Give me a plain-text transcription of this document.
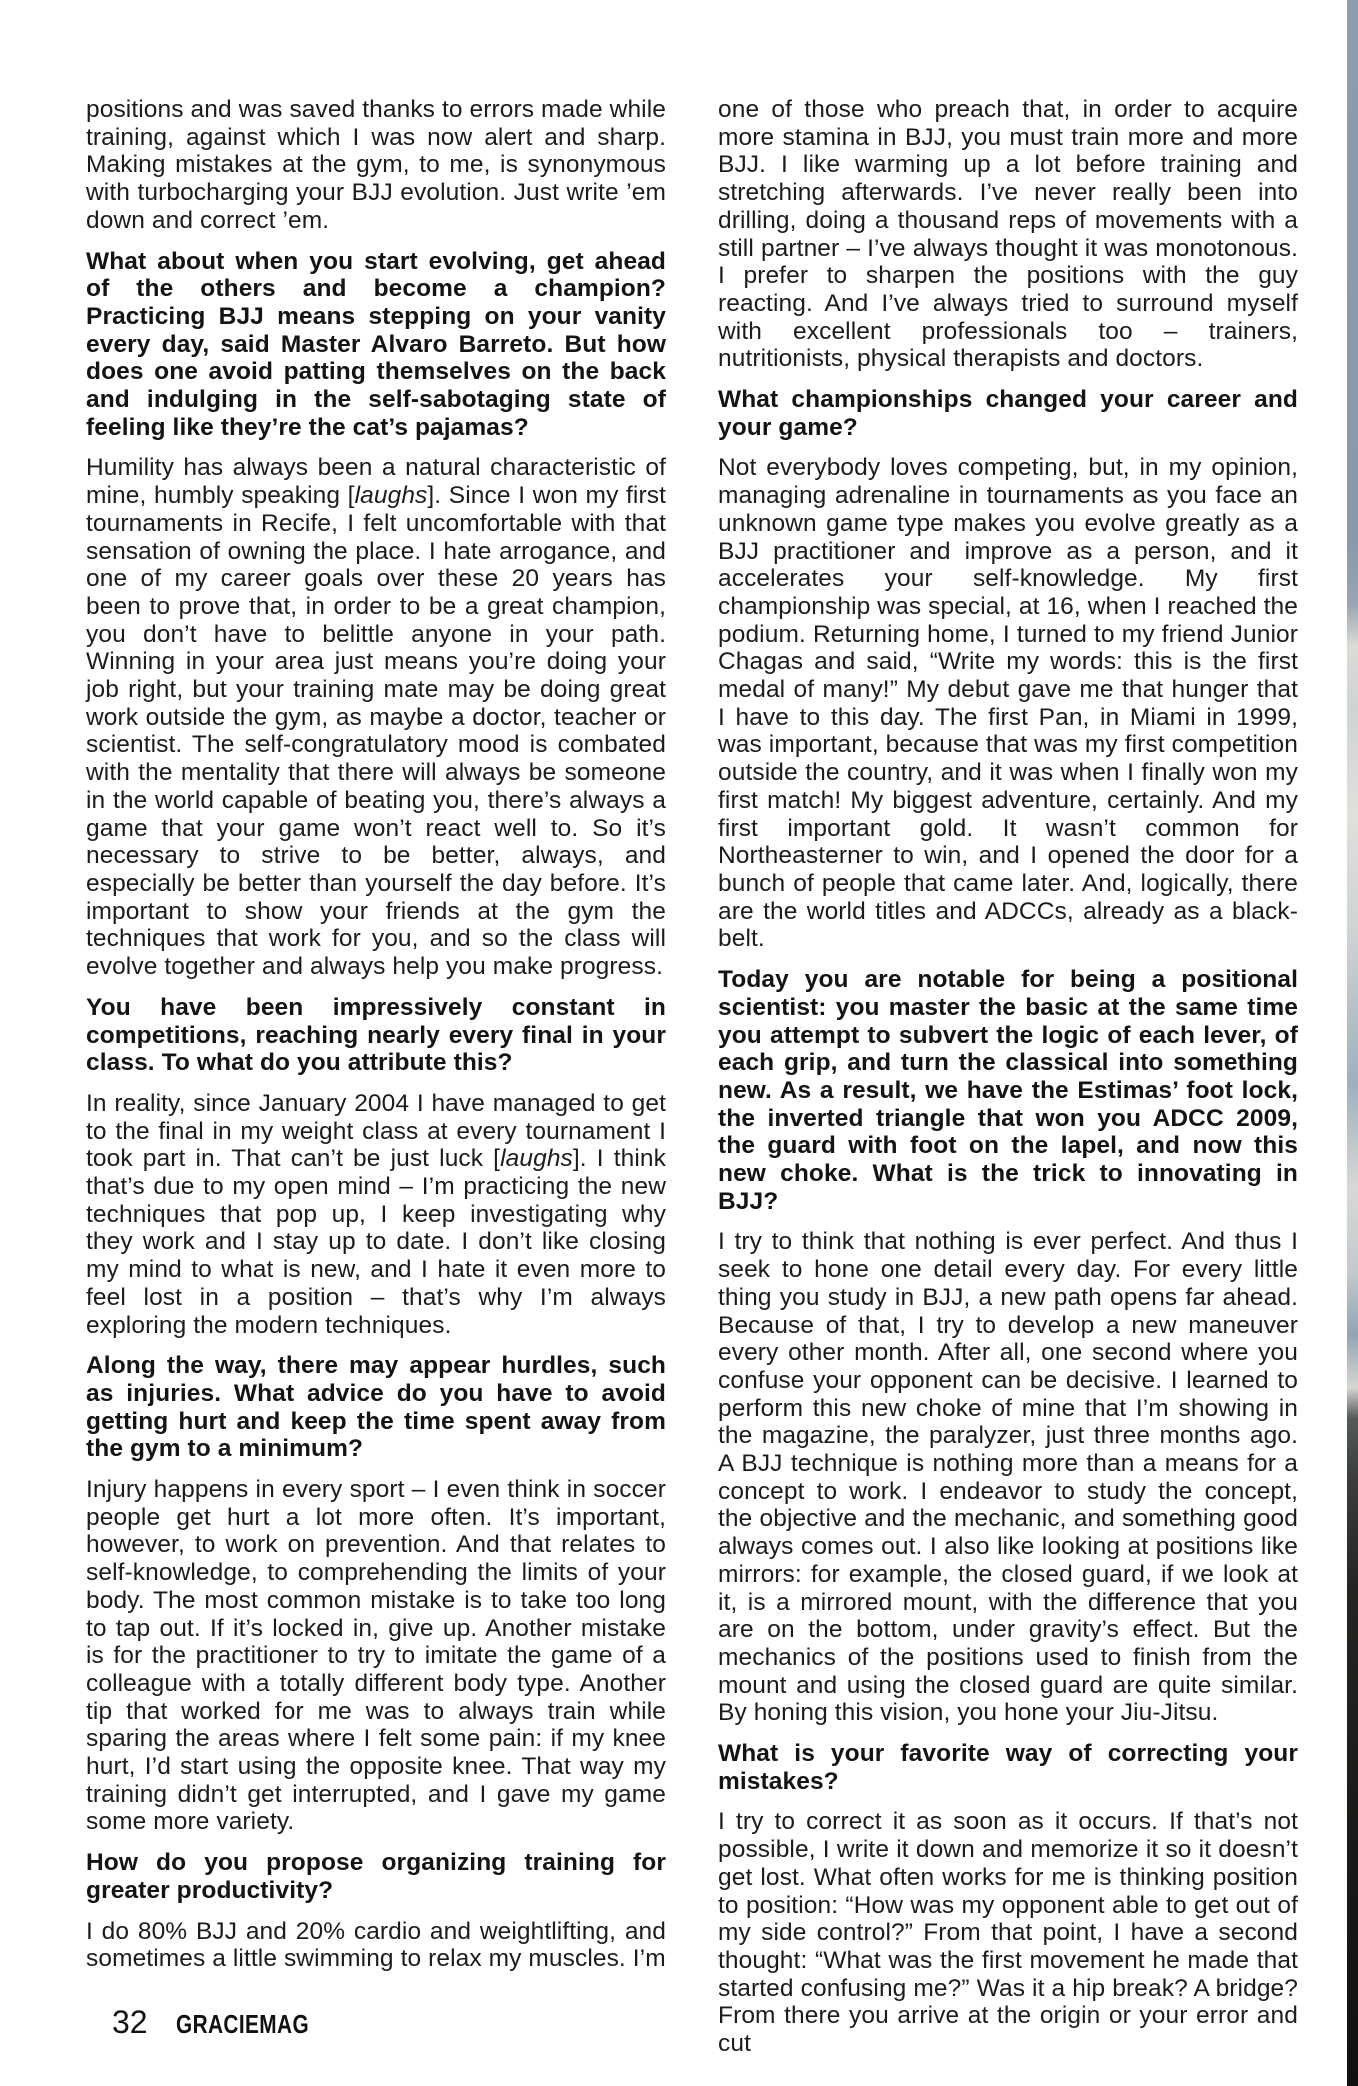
positions and was saved thanks to errors made while training, against which I was now alert and sharp. Making mistakes at the gym, to me, is synonymous with turbocharging your BJJ evolution. Just write ’em down and correct ’em.

What about when you start evolving, get ahead of the others and become a champion? Practicing BJJ means stepping on your vanity every day, said Master Alvaro Barreto. But how does one avoid patting themselves on the back and indulging in the self-sabotaging state of feeling like they’re the cat’s pajamas?

Humility has always been a natural characteristic of mine, humbly speaking [laughs]. Since I won my first tournaments in Recife, I felt uncomfortable with that sensation of owning the place. I hate arrogance, and one of my career goals over these 20 years has been to prove that, in order to be a great champion, you don’t have to belittle anyone in your path. Winning in your area just means you’re doing your job right, but your training mate may be doing great work outside the gym, as maybe a doctor, teacher or scientist. The self-congratulatory mood is combated with the mentality that there will always be someone in the world capable of beating you, there’s always a game that your game won’t react well to. So it’s necessary to strive to be better, always, and especially be better than yourself the day before. It’s important to show your friends at the gym the techniques that work for you, and so the class will evolve together and always help you make progress.

You have been impressively constant in competitions, reaching nearly every final in your class. To what do you attribute this?

In reality, since January 2004 I have managed to get to the final in my weight class at every tournament I took part in. That can’t be just luck [laughs]. I think that’s due to my open mind – I’m practicing the new techniques that pop up, I keep investigating why they work and I stay up to date. I don’t like closing my mind to what is new, and I hate it even more to feel lost in a position – that’s why I’m always exploring the modern techniques.

Along the way, there may appear hurdles, such as injuries. What advice do you have to avoid getting hurt and keep the time spent away from the gym to a minimum?

Injury happens in every sport – I even think in soccer people get hurt a lot more often. It’s important, however, to work on prevention. And that relates to self-knowledge, to comprehending the limits of your body. The most common mistake is to take too long to tap out. If it’s locked in, give up. Another mistake is for the practitioner to try to imitate the game of a colleague with a totally different body type. Another tip that worked for me was to always train while sparing the areas where I felt some pain: if my knee hurt, I’d start using the opposite knee. That way my training didn’t get interrupted, and I gave my game some more variety.

How do you propose organizing training for greater productivity?

I do 80% BJJ and 20% cardio and weightlifting, and sometimes a little swimming to relax my muscles. I’m

one of those who preach that, in order to acquire more stamina in BJJ, you must train more and more BJJ. I like warming up a lot before training and stretching afterwards. I’ve never really been into drilling, doing a thousand reps of movements with a still partner – I’ve always thought it was monotonous. I prefer to sharpen the positions with the guy reacting. And I’ve always tried to surround myself with excellent professionals too – trainers, nutritionists, physical therapists and doctors.

What championships changed your career and your game?

Not everybody loves competing, but, in my opinion, managing adrenaline in tournaments as you face an unknown game type makes you evolve greatly as a BJJ practitioner and improve as a person, and it accelerates your self-knowledge. My first championship was special, at 16, when I reached the podium. Returning home, I turned to my friend Junior Chagas and said, “Write my words: this is the first medal of many!” My debut gave me that hunger that I have to this day. The first Pan, in Miami in 1999, was important, because that was my first competition outside the country, and it was when I finally won my first match! My biggest adventure, certainly. And my first important gold. It wasn’t common for Northeasterner to win, and I opened the door for a bunch of people that came later. And, logically, there are the world titles and ADCCs, already as a black-belt.

Today you are notable for being a positional scientist: you master the basic at the same time you attempt to subvert the logic of each lever, of each grip, and turn the classical into something new. As a result, we have the Estimas’ foot lock, the inverted triangle that won you ADCC 2009, the guard with foot on the lapel, and now this new choke. What is the trick to innovating in BJJ?

I try to think that nothing is ever perfect. And thus I seek to hone one detail every day. For every little thing you study in BJJ, a new path opens far ahead. Because of that, I try to develop a new maneuver every other month. After all, one second where you confuse your opponent can be decisive. I learned to perform this new choke of mine that I’m showing in the magazine, the paralyzer, just three months ago. A BJJ technique is nothing more than a means for a concept to work. I endeavor to study the concept, the objective and the mechanic, and something good always comes out. I also like looking at positions like mirrors: for example, the closed guard, if we look at it, is a mirrored mount, with the difference that you are on the bottom, under gravity’s effect. But the mechanics of the positions used to finish from the mount and using the closed guard are quite similar. By honing this vision, you hone your Jiu-Jitsu.

What is your favorite way of correcting your mistakes?

I try to correct it as soon as it occurs. If that’s not possible, I write it down and memorize it so it doesn’t get lost. What often works for me is thinking position to position: “How was my opponent able to get out of my side control?” From that point, I have a second thought: “What was the first movement he made that started confusing me?” Was it a hip break? A bridge? From there you arrive at the origin or your error and cut

32 GRACIEMAG
